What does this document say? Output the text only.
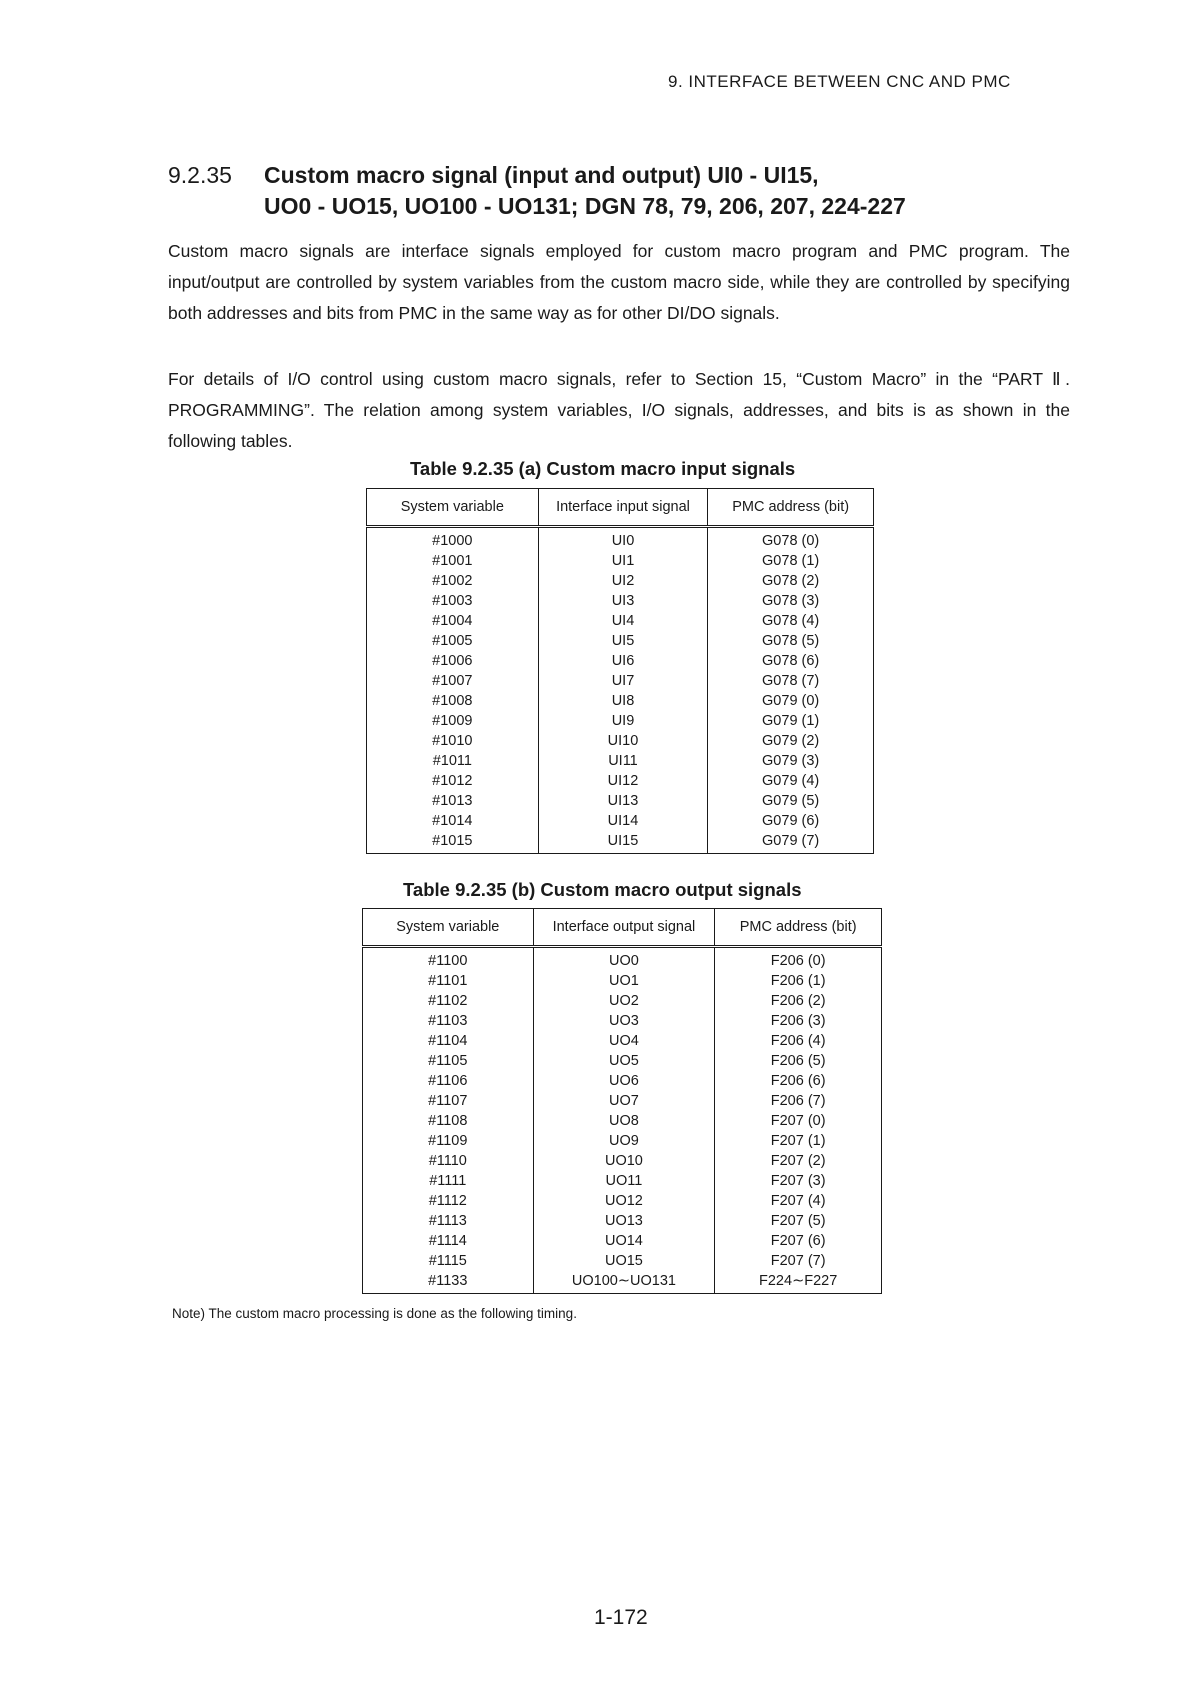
9. INTERFACE BETWEEN CNC AND PMC
9.2.35 Custom macro signal (input and output) UI0 - UI15,
UO0 - UO15, UO100 - UO131; DGN 78, 79, 206, 207, 224-227

Custom macro signals are interface signals employed for custom macro program and PMC program. The input/output are controlled by system variables from the custom macro side, while they are controlled by specifying both addresses and bits from PMC in the same way as for other DI/DO signals.

For details of I/O control using custom macro signals, refer to Section 15, “Custom Macro” in the “PART Ⅱ. PROGRAMMING”. The relation among system variables, I/O signals, addresses, and bits is as shown in the following tables.

Table 9.2.35 (a) Custom macro input signals
System variable	Interface input signal	PMC address (bit)
#1000	UI0	G078 (0)
#1001	UI1	G078 (1)
#1002	UI2	G078 (2)
#1003	UI3	G078 (3)
#1004	UI4	G078 (4)
#1005	UI5	G078 (5)
#1006	UI6	G078 (6)
#1007	UI7	G078 (7)
#1008	UI8	G079 (0)
#1009	UI9	G079 (1)
#1010	UI10	G079 (2)
#1011	UI11	G079 (3)
#1012	UI12	G079 (4)
#1013	UI13	G079 (5)
#1014	UI14	G079 (6)
#1015	UI15	G079 (7)
Table 9.2.35 (b) Custom macro output signals
System variable	Interface output signal	PMC address (bit)
#1100	UO0	F206 (0)
#1101	UO1	F206 (1)
#1102	UO2	F206 (2)
#1103	UO3	F206 (3)
#1104	UO4	F206 (4)
#1105	UO5	F206 (5)
#1106	UO6	F206 (6)
#1107	UO7	F206 (7)
#1108	UO8	F207 (0)
#1109	UO9	F207 (1)
#1110	UO10	F207 (2)
#1111	UO11	F207 (3)
#1112	UO12	F207 (4)
#1113	UO13	F207 (5)
#1114	UO14	F207 (6)
#1115	UO15	F207 (7)
#1133	UO100∼UO131	F224∼F227
Note) The custom macro processing is done as the following timing.
1-172
